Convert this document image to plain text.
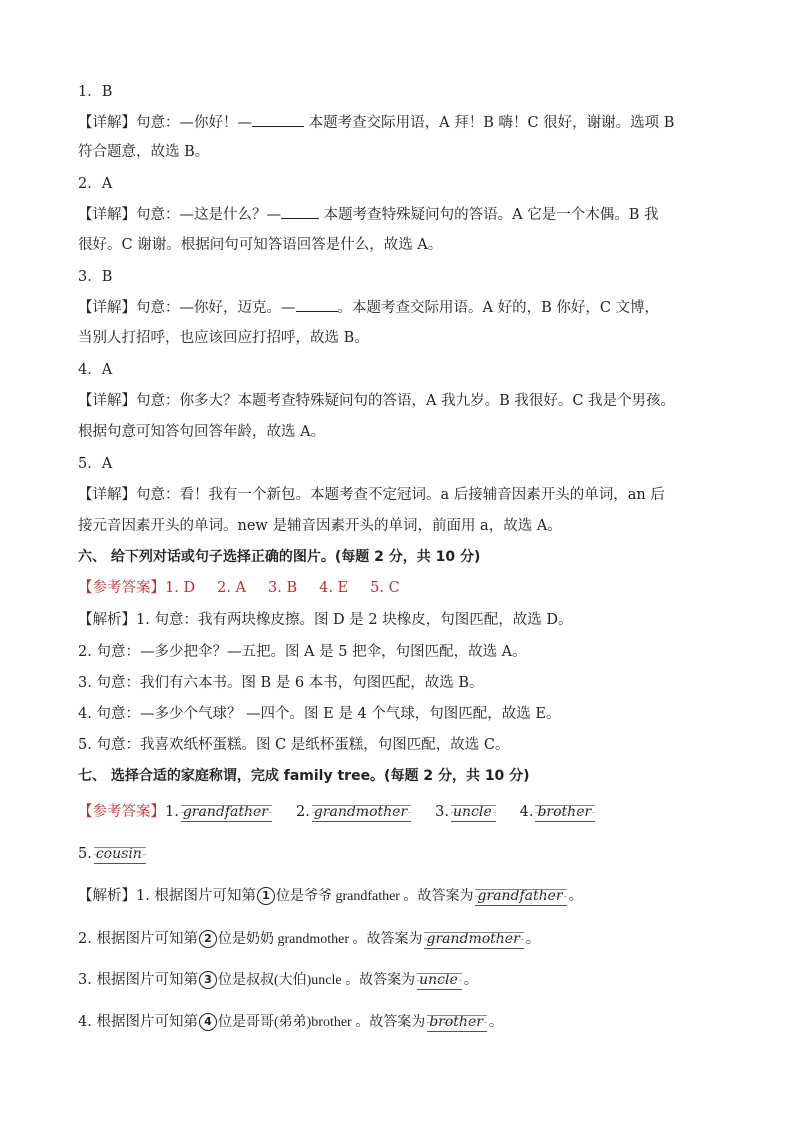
1．B
【详解】句意：—你好！—	本题考查交际用语，A 拜！B 嗨！C 很好，谢谢。选项 B
符合题意，故选 B。
2．A
【详解】句意：—这是什么？—	本题考查特殊疑问句的答语。A 它是一个木偶。B 我
很好。C 谢谢。根据问句可知答语回答是什么，故选 A。
3．B
【详解】句意：—你好，迈克。—	。本题考查交际用语。A 好的，B 你好，C 文博，
当别人打招呼，也应该回应打招呼，故选 B。
4．A
【详解】句意：你多大？本题考查特殊疑问句的答语，A 我九岁。B 我很好。C 我是个男孩。
根据句意可知答句回答年龄，故选 A。
5．A
【详解】句意：看！我有一个新包。本题考查不定冠词。a 后接辅音因素开头的单词，an 后
接元音因素开头的单词。new 是辅音因素开头的单词，前面用 a，故选 A。
六、 给下列对话或句子选择正确的图片。(每题 2 分，共 10 分)
【参考答案】1. D 2. A 3. B 4. E 5. C
【解析】1. 句意：我有两块橡皮擦。图 D 是 2 块橡皮，句图匹配，故选 D。
2. 句意：—多少把伞？—五把。图 A 是 5 把伞，句图匹配，故选 A。
3. 句意：我们有六本书。图 B 是 6 本书，句图匹配，故选 B。
4. 句意：—多少个气球？ —四个。图 E 是 4 个气球，句图匹配，故选 E。
5. 句意：我喜欢纸杯蛋糕。图 C 是纸杯蛋糕，句图匹配，故选 C。
七、 选择合适的家庭称谓，完成 family tree。(每题 2 分，共 10 分)
【参考答案】1. grandfather 2. grandmother 3. uncle 4. brother
5. cousin
【解析】1. 根据图片可知第 1 位是爷爷 grandfather 。故答案为 grandfather 。
2. 根据图片可知第 2 位是奶奶 grandmother 。故答案为 grandmother 。
3. 根据图片可知第 3 位是叔叔(大伯)uncle 。故答案为 uncle 。
4. 根据图片可知第 4 位是哥哥(弟弟)brother 。故答案为 brother 。
